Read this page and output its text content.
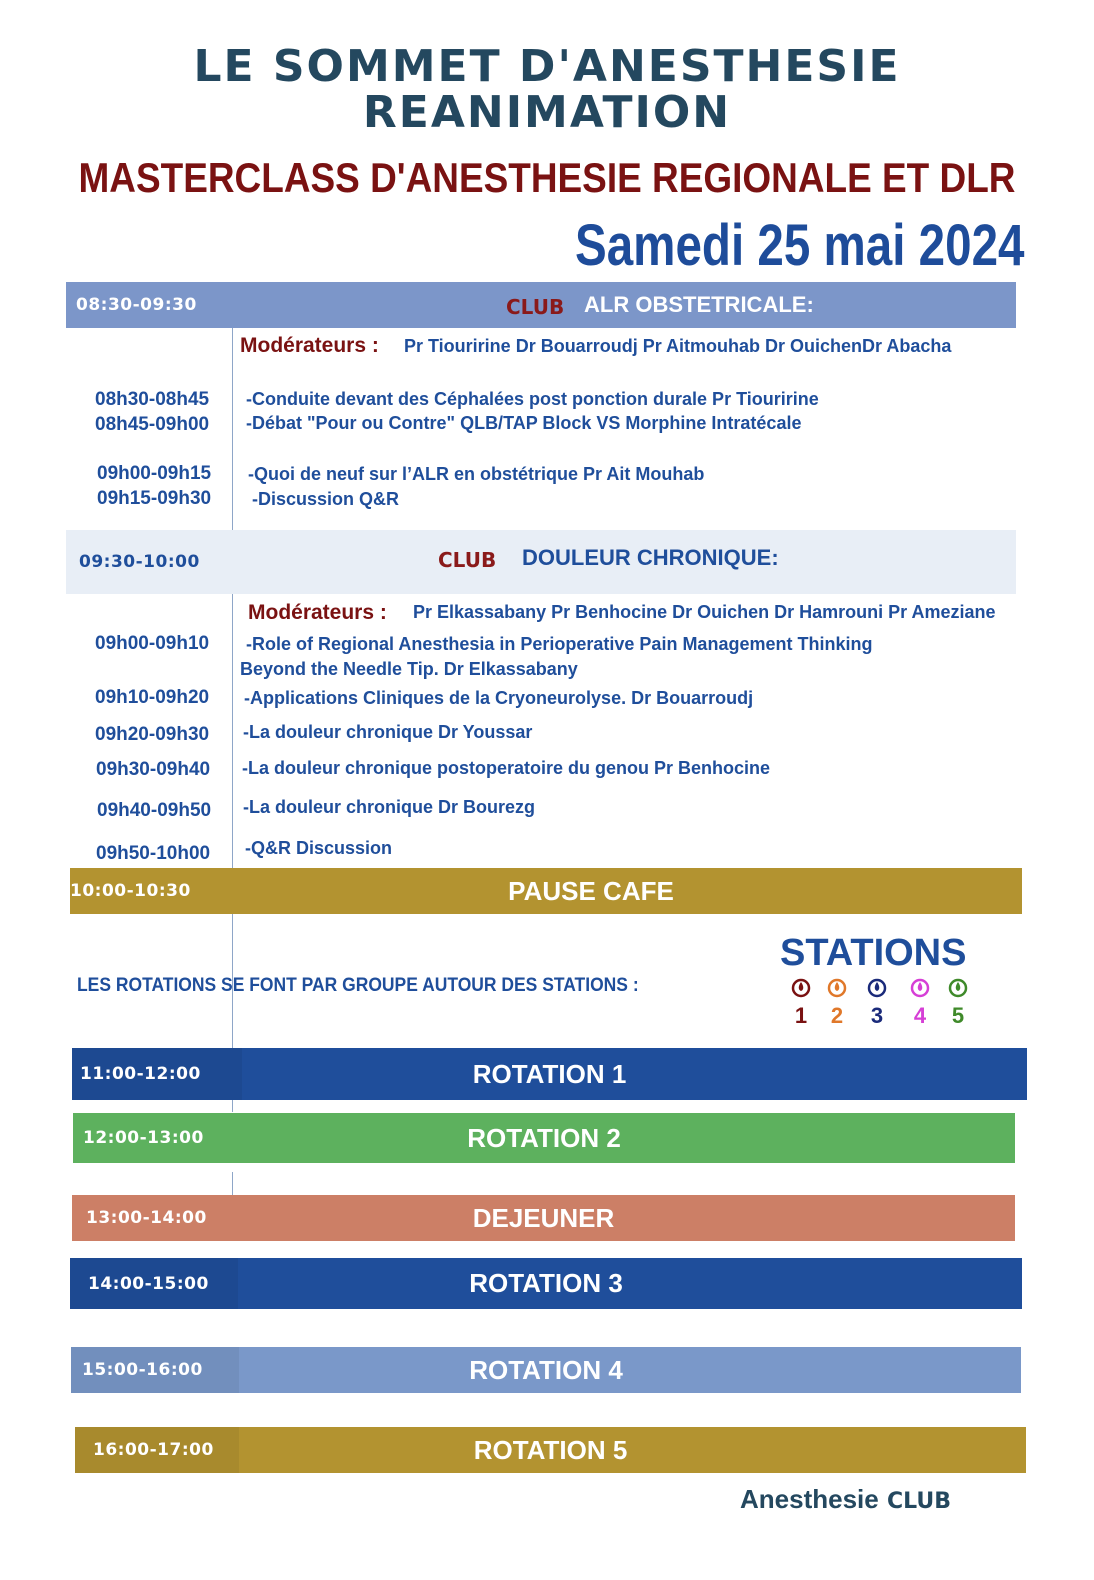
LE SOMMET D'ANESTHESIE
REANIMATION
MASTERCLASS D'ANESTHESIE REGIONALE ET DLR
Samedi 25 mai 2024
08:30-09:30	CLUB ALR OBSTETRICALE:
Modérateurs : Pr Tiouririne Dr Bouarroudj Pr Aitmouhab Dr OuichenDr Abacha
08h30-08h45 -Conduite devant des Céphalées post ponction durale Pr Tiouririne
08h45-09h00 -Débat "Pour ou Contre" QLB/TAP Block VS Morphine Intratécale
09h00-09h15 -Quoi de neuf sur l’ALR en obstétrique Pr Ait Mouhab
09h15-09h30 -Discussion Q&R
09:30-10:00	CLUB DOULEUR CHRONIQUE:
Modérateurs : Pr Elkassabany Pr Benhocine Dr Ouichen Dr Hamrouni Pr Ameziane
09h00-09h10 -Role of Regional Anesthesia in Perioperative Pain Management Thinking
Beyond the Needle Tip. Dr Elkassabany
09h10-09h20 -Applications Cliniques de la Cryoneurolyse. Dr Bouarroudj
09h20-09h30 -La douleur chronique Dr Youssar
09h30-09h40 -La douleur chronique postoperatoire du genou Pr Benhocine
09h40-09h50 -La douleur chronique Dr Bourezg
09h50-10h00 -Q&R Discussion
10:00-10:30	PAUSE CAFE
LES ROTATIONS SE FONT PAR GROUPE AUTOUR DES STATIONS :
STATIONS
1	2	3	4	5
11:00-12:00	ROTATION 1
12:00-13:00	ROTATION 2
13:00-14:00	DEJEUNER
14:00-15:00	ROTATION 3
15:00-16:00	ROTATION 4
16:00-17:00	ROTATION 5
Anesthesie CLUB
